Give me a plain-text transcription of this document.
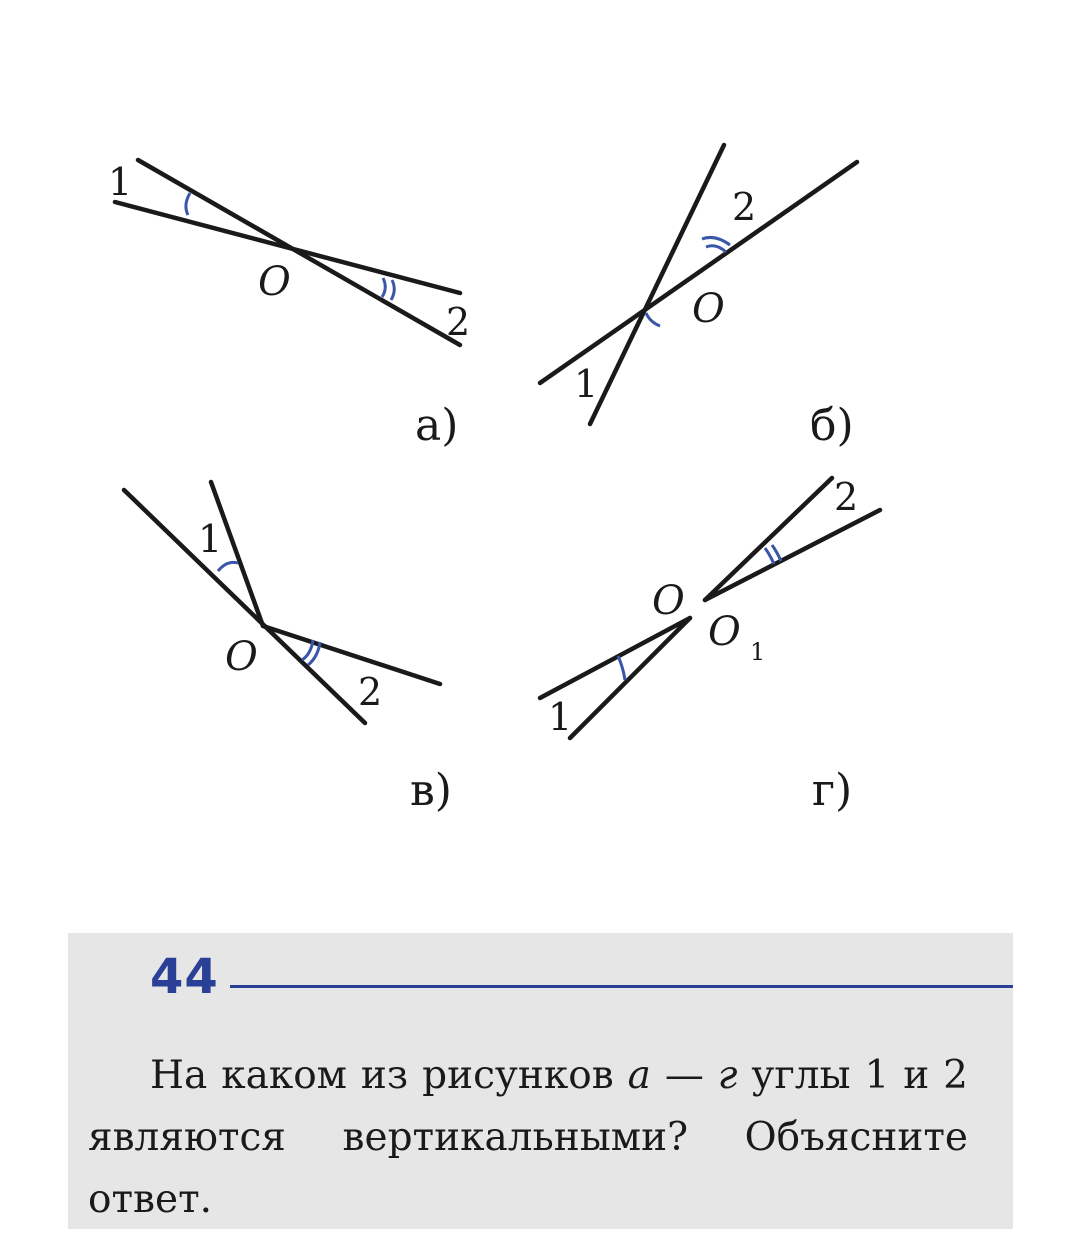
1
O
2
а)
2
O
1
б)
1
O
2
в)
2
O
O 1
1
г)
44

На каком из рисунков а — г углы 1 и 2 являются вертикальными? Объясните ответ.
